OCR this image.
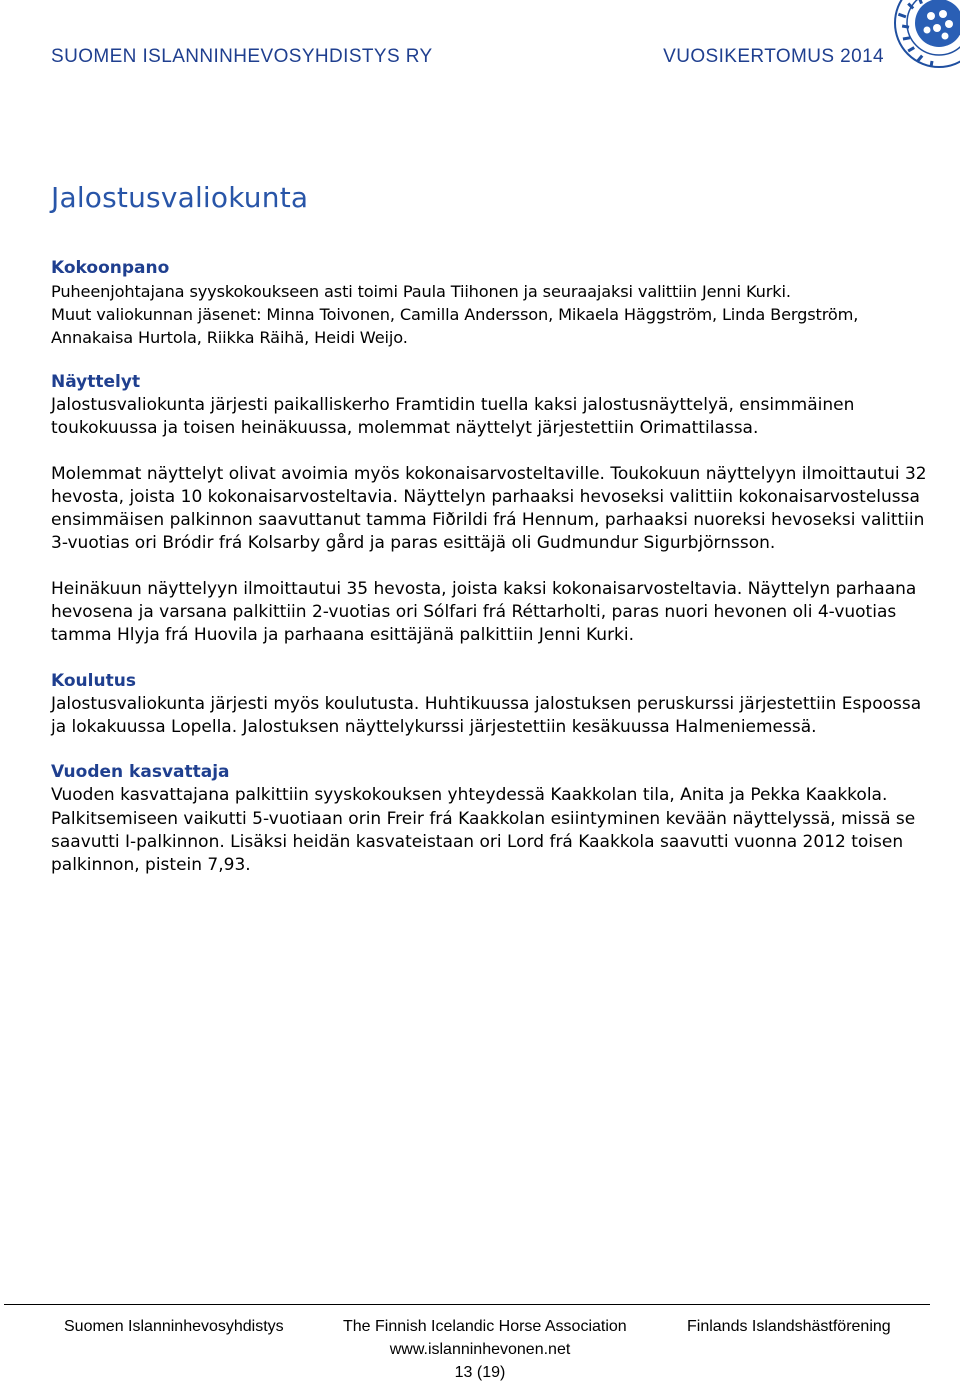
SUOMEN ISLANNINHEVOSYHDISTYS RY	VUOSIKERTOMUS 2014
Jalostusvaliokunta
Kokoonpano

Puheenjohtajana syyskokoukseen asti toimi Paula Tiihonen ja seuraajaksi valittiin Jenni Kurki.
Muut valiokunnan jäsenet: Minna Toivonen, Camilla Andersson, Mikaela Häggström, Linda Bergström, Annakaisa Hurtola, Riikka Räihä, Heidi Weijo.

Näyttelyt

Jalostusvaliokunta järjesti paikalliskerho Framtidin tuella kaksi jalostusnäyttelyä, ensimmäinen toukokuussa ja toisen heinäkuussa, molemmat näyttelyt järjestettiin Orimattilassa.

Molemmat näyttelyt olivat avoimia myös kokonaisarvosteltaville. Toukokuun näyttelyyn ilmoittautui 32 hevosta, joista 10 kokonaisarvosteltavia. Näyttelyn parhaaksi hevoseksi valittiin kokonaisarvostelussa ensimmäisen palkinnon saavuttanut tamma Fiðrildi frá Hennum, parhaaksi nuoreksi hevoseksi valittiin 3-vuotias ori Bródir frá Kolsarby gård ja paras esittäjä oli Gudmundur Sigurbjörnsson.

Heinäkuun näyttelyyn ilmoittautui 35 hevosta, joista kaksi kokonaisarvosteltavia. Näyttelyn parhaana hevosena ja varsana palkittiin 2-vuotias ori Sólfari frá Réttarholti, paras nuori hevonen oli 4-vuotias tamma Hlyja frá Huovila ja parhaana esittäjänä palkittiin Jenni Kurki.

Koulutus

Jalostusvaliokunta järjesti myös koulutusta. Huhtikuussa jalostuksen peruskurssi järjestettiin Espoossa ja lokakuussa Lopella. Jalostuksen näyttelykurssi järjestettiin kesäkuussa Halmeniemessä.

Vuoden kasvattaja

Vuoden kasvattajana palkittiin syyskokouksen yhteydessä Kaakkolan tila, Anita ja Pekka Kaakkola. Palkitsemiseen vaikutti 5-vuotiaan orin Freir frá Kaakkolan esiintyminen kevään näyttelyssä, missä se saavutti I-palkinnon. Lisäksi heidän kasvateistaan ori Lord frá Kaakkola saavutti vuonna 2012 toisen palkinnon, pistein 7,93.

Suomen Islanninhevosyhdistys	The Finnish Icelandic Horse Association	Finlands Islandshästförening
www.islanninhevonen.net
13 (19)
